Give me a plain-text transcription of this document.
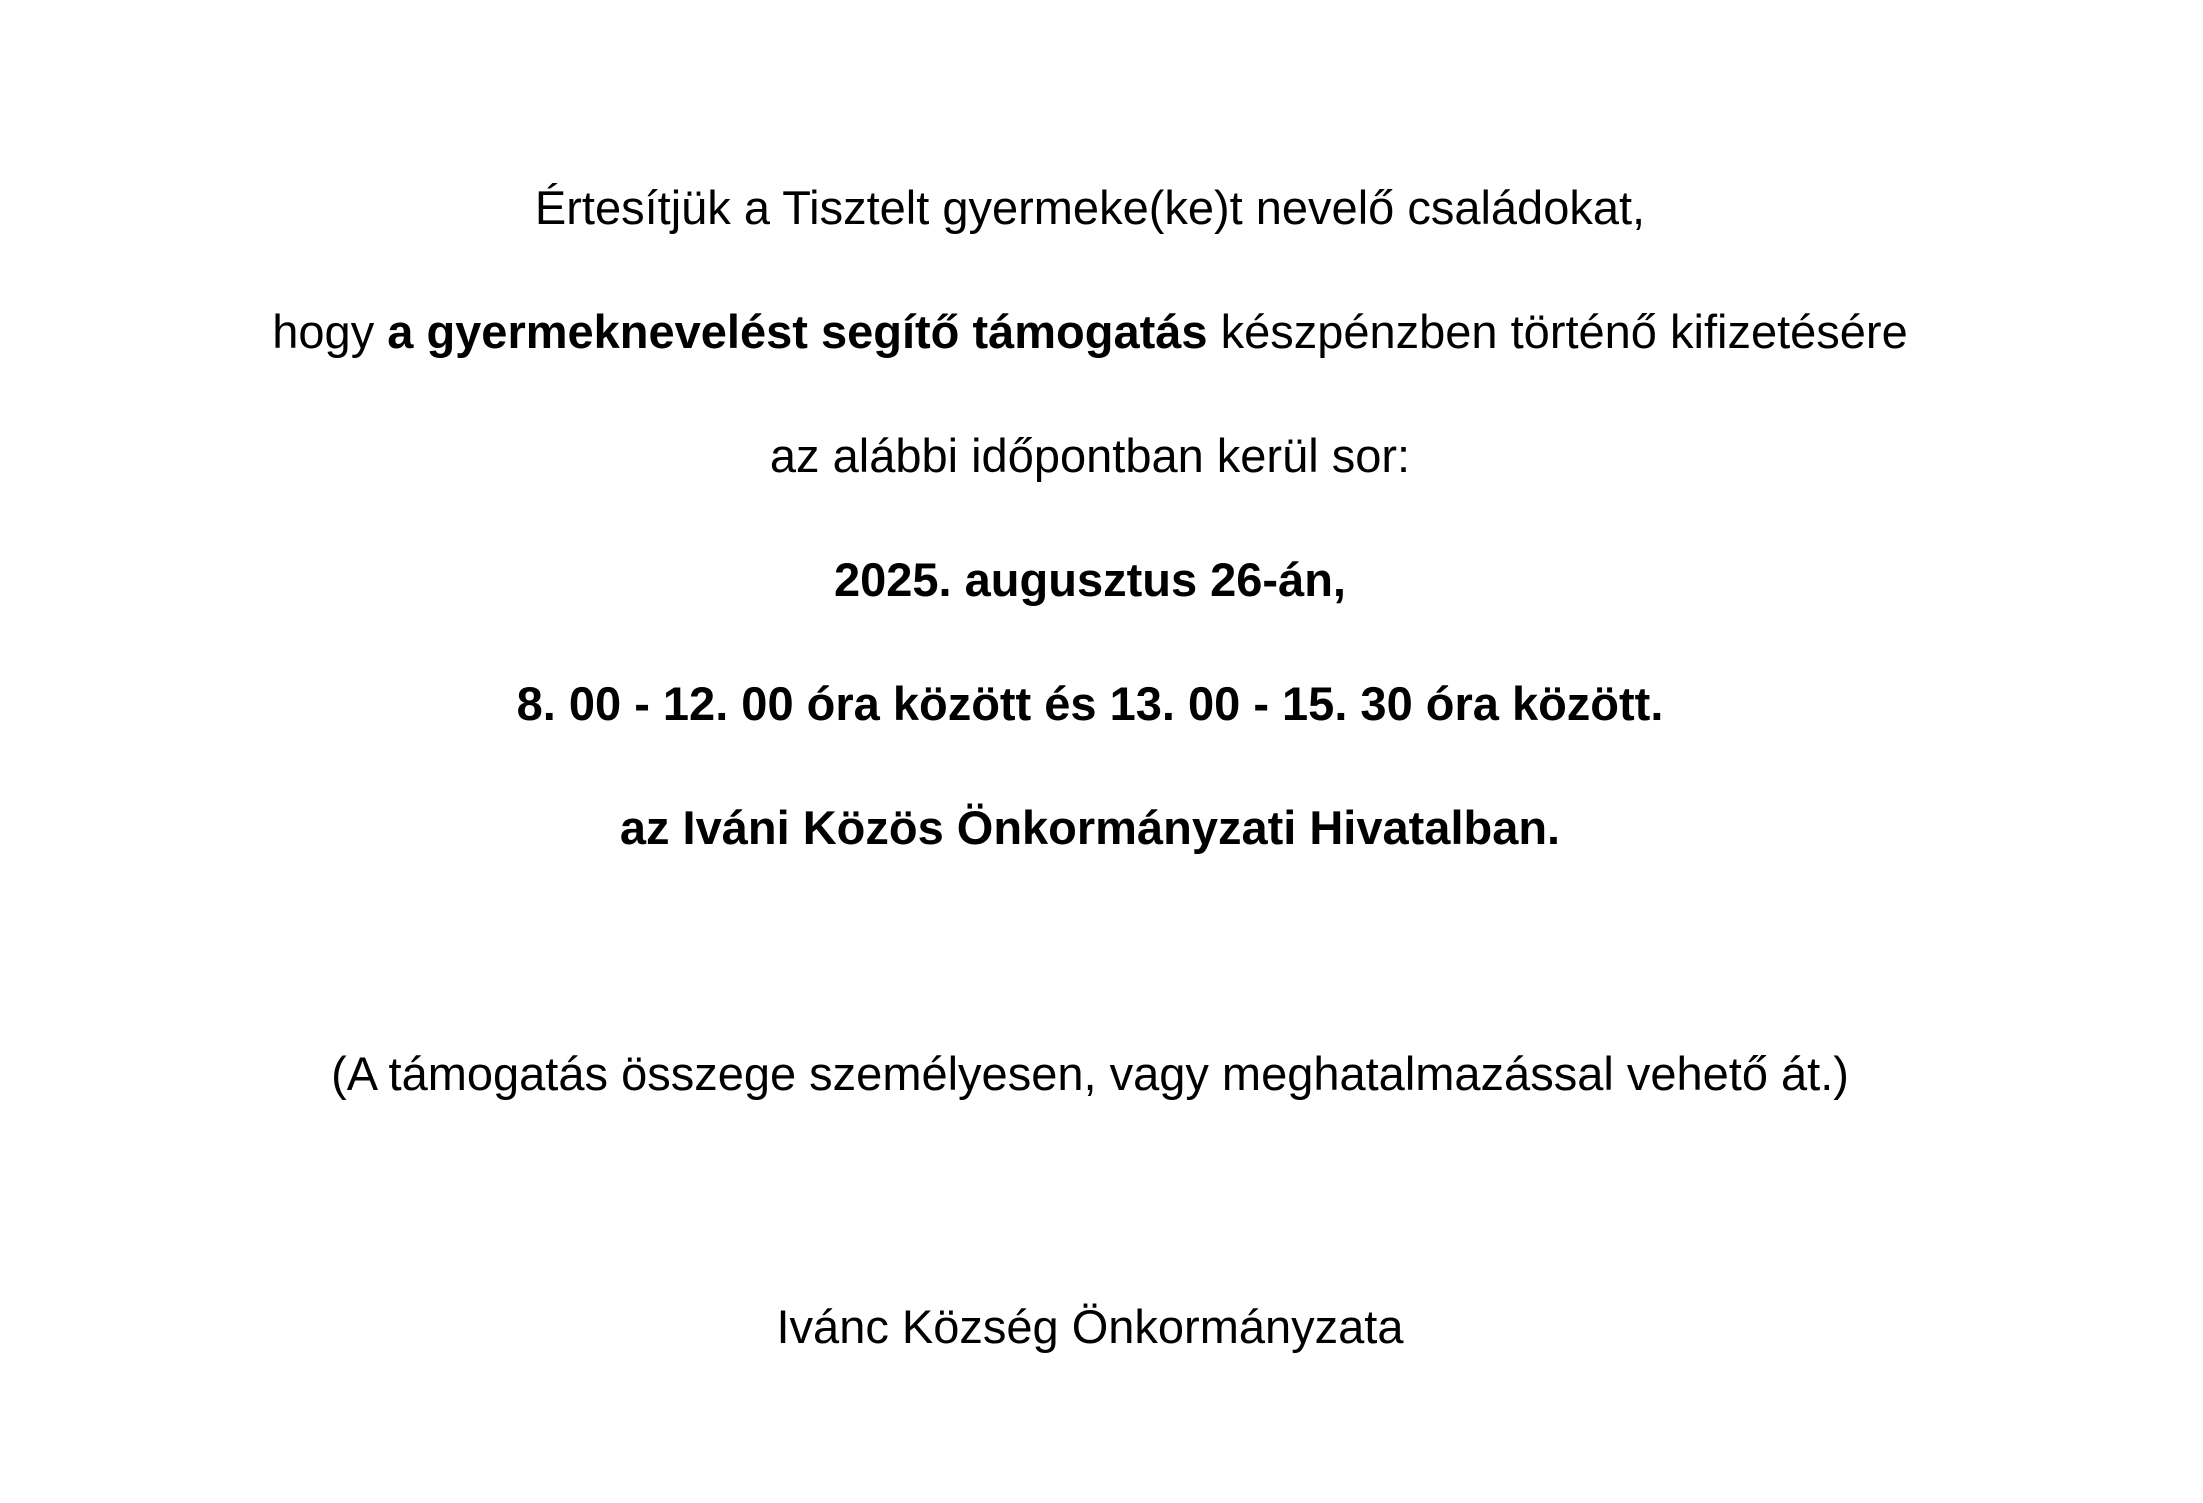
Értesítjük a Tisztelt gyermeke(ke)t nevelő családokat,
hogy a gyermeknevelést segítő támogatás készpénzben történő kifizetésére
az alábbi időpontban kerül sor:
2025. augusztus 26-án,
8. 00 - 12. 00 óra között és 13. 00 - 15. 30 óra között.
az Iváni Közös Önkormányzati Hivatalban.
(A támogatás összege személyesen, vagy meghatalmazással vehető át.)
Ivánc Község Önkormányzata
